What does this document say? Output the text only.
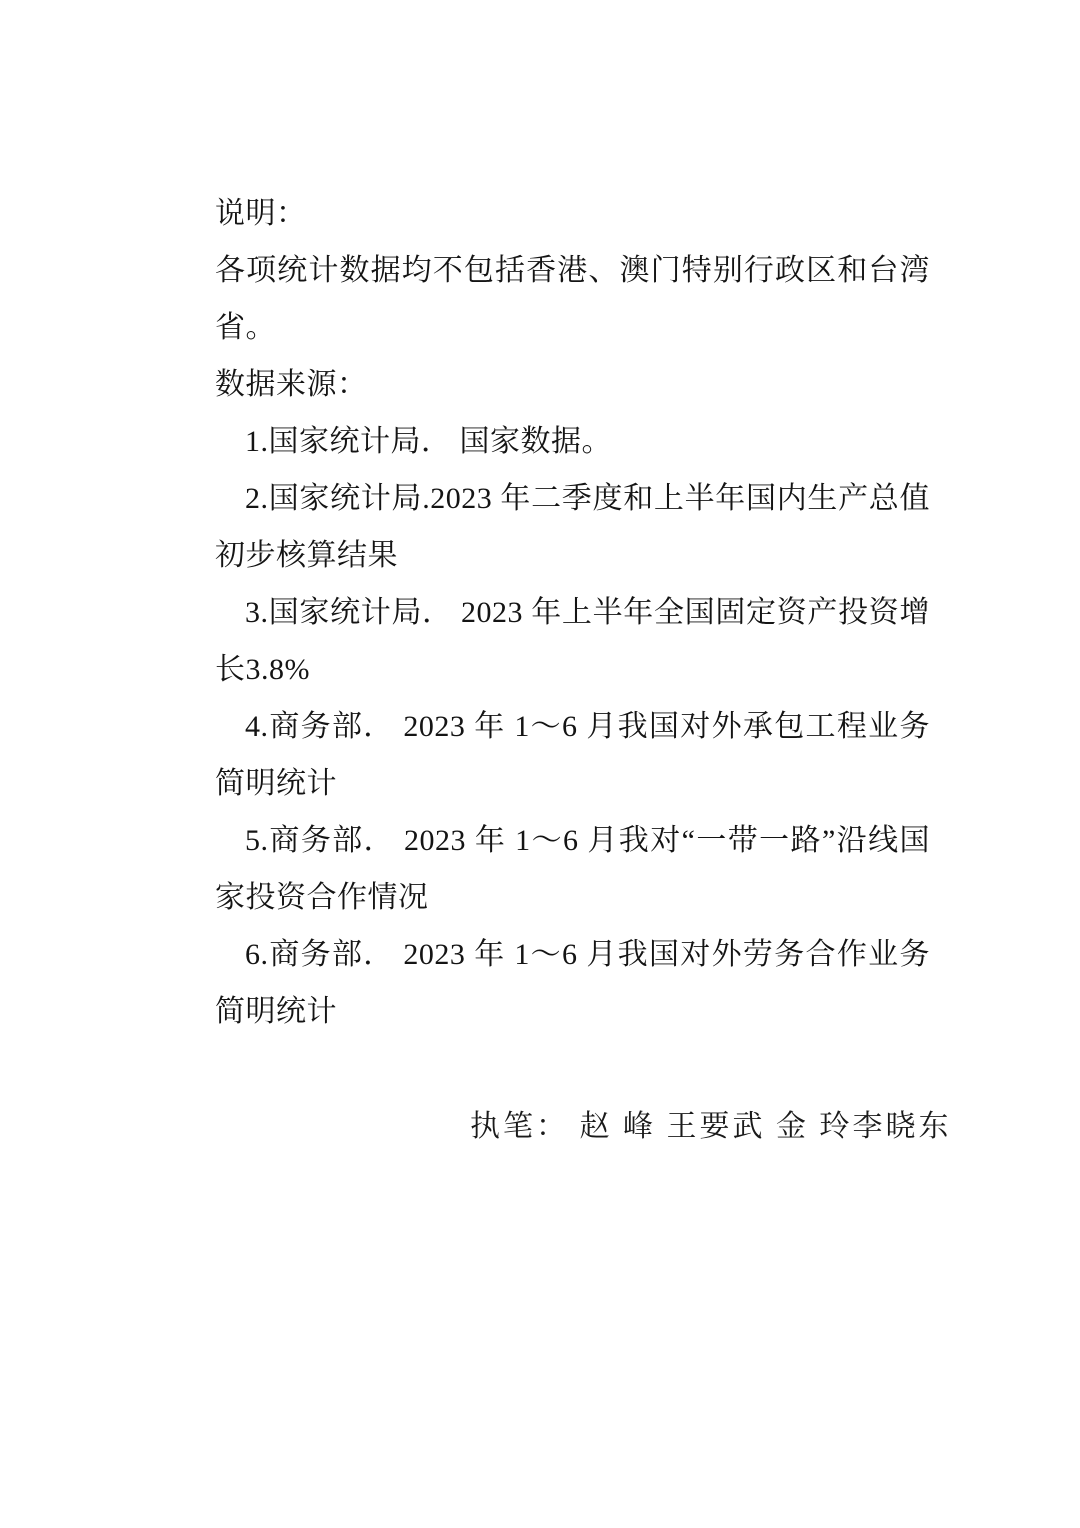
说明：

各项统计数据均不包括香港、澳门特别行政区和台湾省。

数据来源：

1.国家统计局． 国家数据。

2.国家统计局.2023 年二季度和上半年国内生产总值初步核算结果

3.国家统计局． 2023 年上半年全国固定资产投资增长3.8%

4.商务部． 2023 年 1～6 月我国对外承包工程业务简明统计

5.商务部． 2023 年 1～6 月我对“一带一路”沿线国家投资合作情况

6.商务部． 2023 年 1～6 月我国对外劳务合作业务简明统计

执笔： 赵 峰 王要武 金 玲李晓东
